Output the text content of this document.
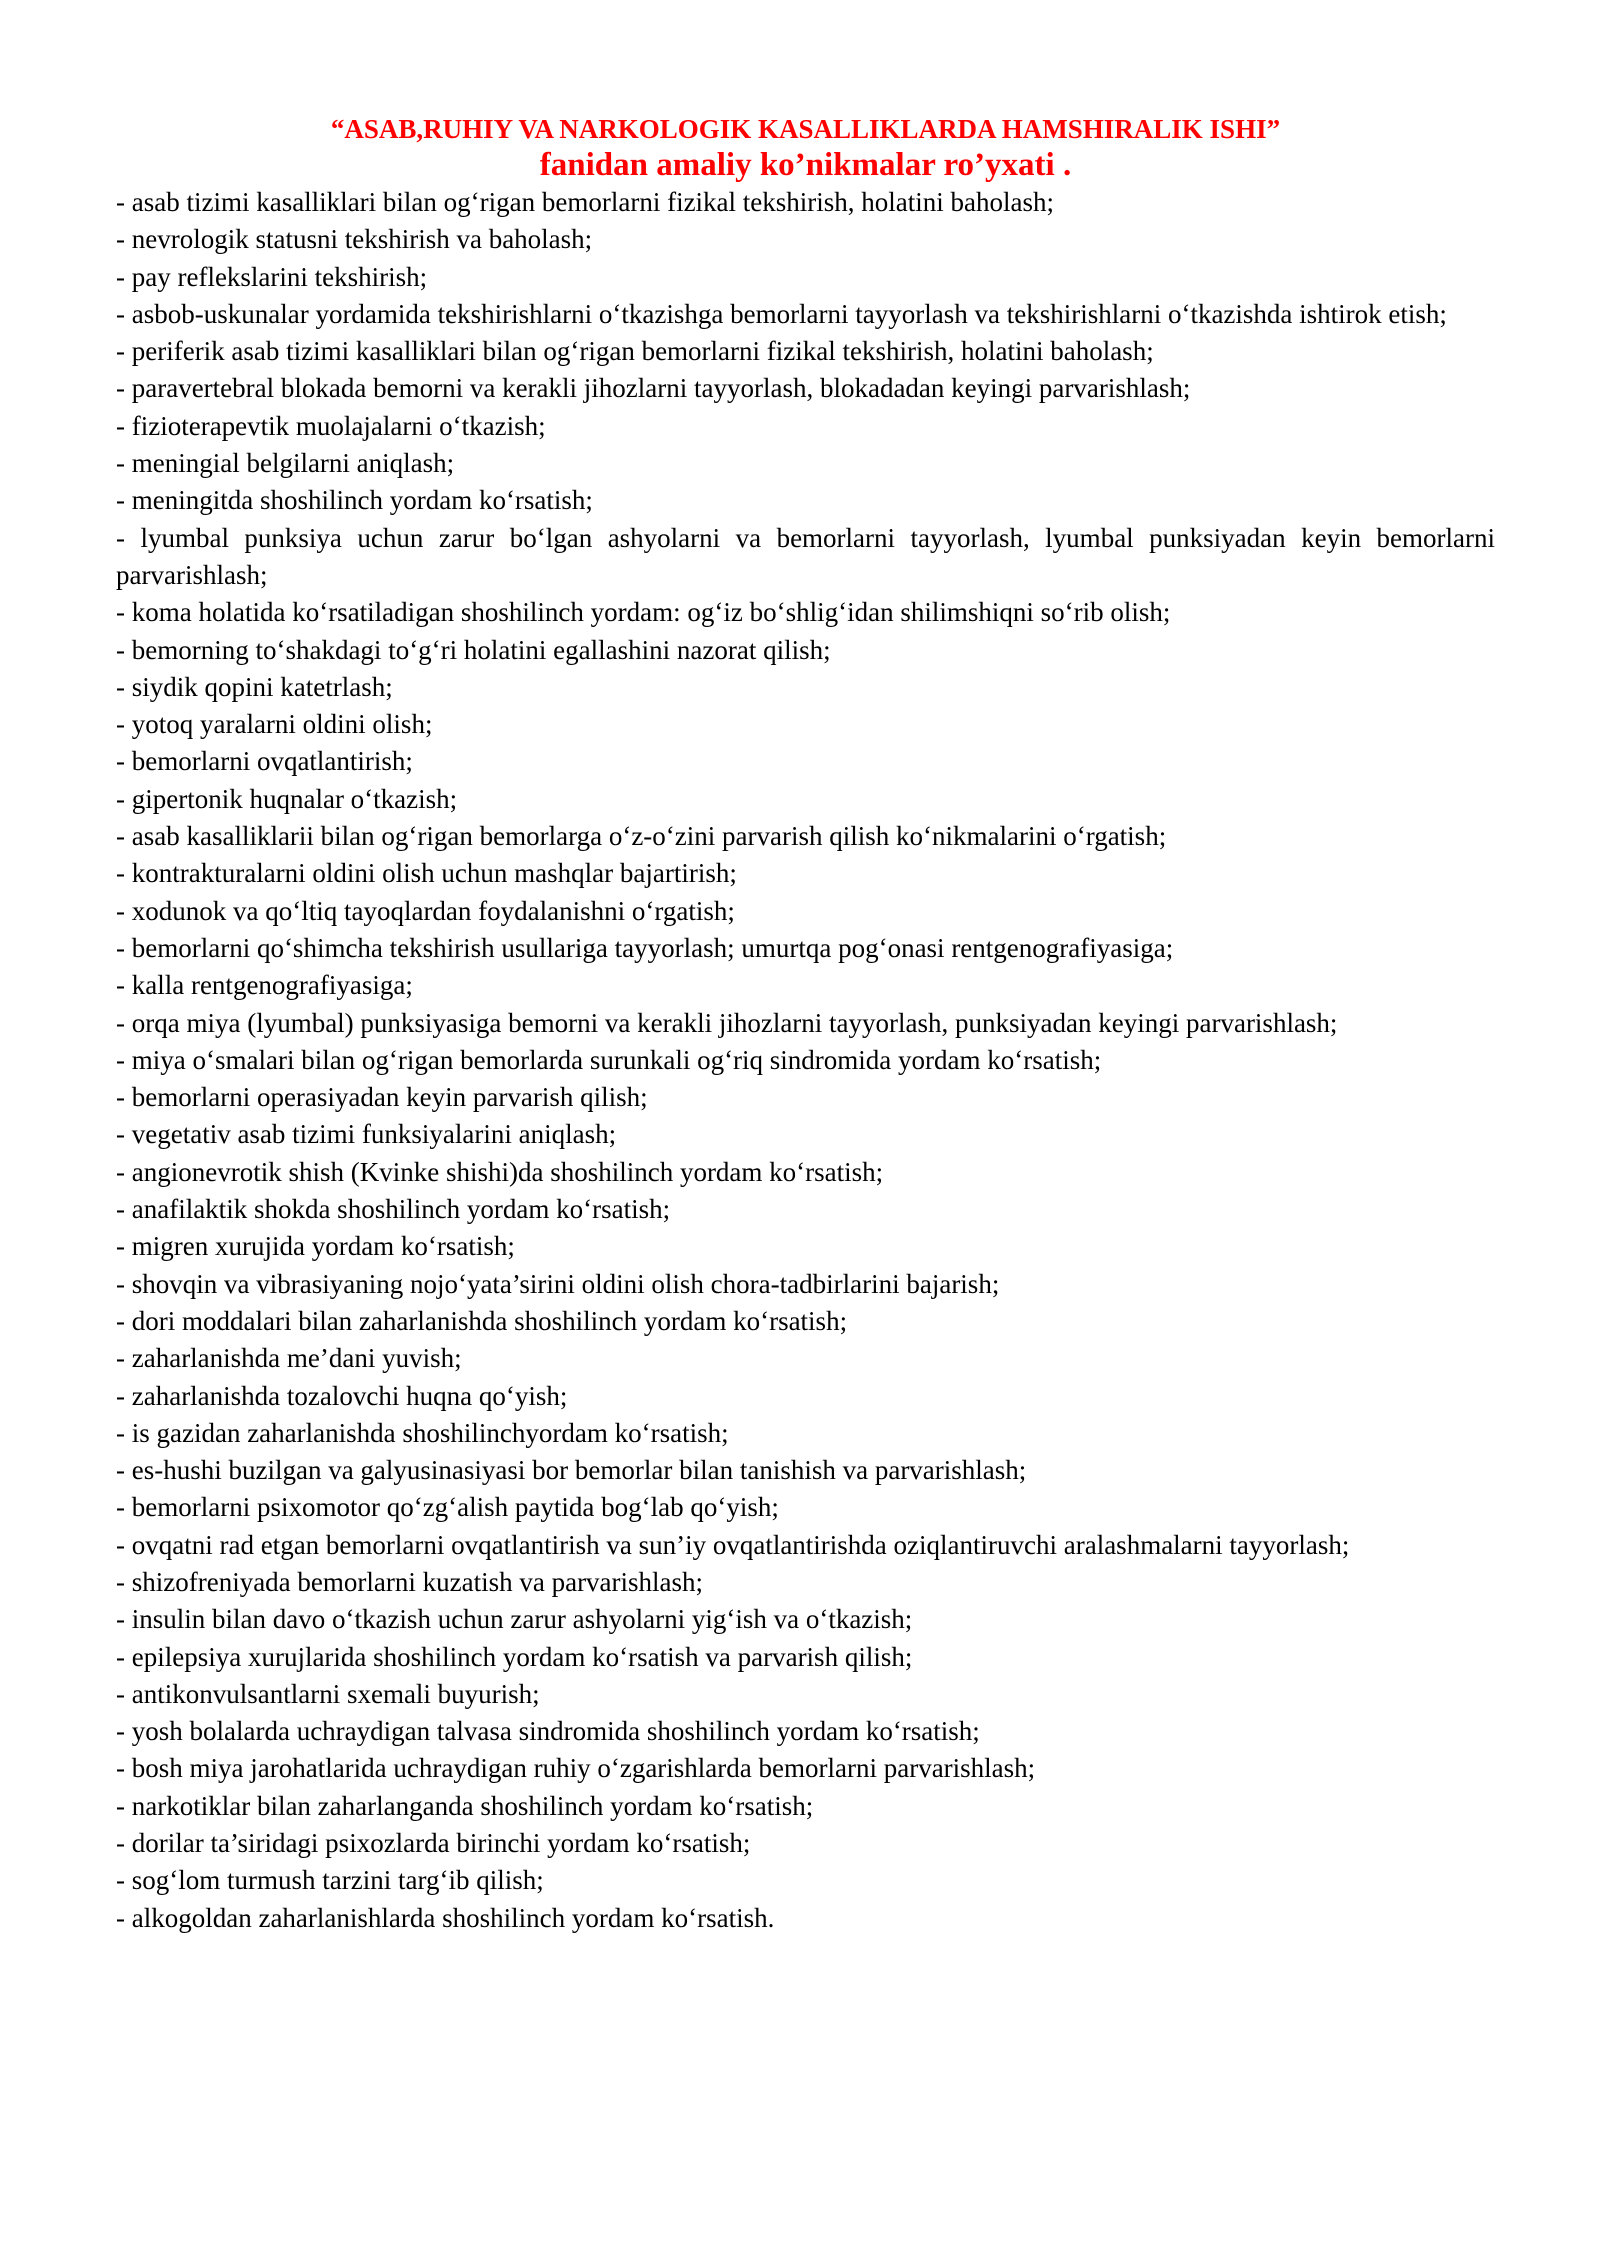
“ASAB,RUHIY VA NARKOLOGIK KASALLIKLARDA HAMSHIRALIK ISHI”
fanidan amaliy ko’nikmalar ro’yxati .
- asab tizimi kasalliklari bilan og‘rigan bemorlarni fizikal tekshirish, holatini baholash;
- nevrologik statusni tekshirish va baholash;
- pay reflekslarini tekshirish;
- asbob-uskunalar yordamida tekshirishlarni o‘tkazishga bemorlarni tayyorlash va tekshirishlarni o‘tkazishda ishtirok etish;
- periferik asab tizimi kasalliklari bilan og‘rigan bemorlarni fizikal tekshirish, holatini baholash;
- paravertebral blokada bemorni va kerakli jihozlarni tayyorlash, blokadadan keyingi parvarishlash;
- fizioterapevtik muolajalarni o‘tkazish;
- meningial belgilarni aniqlash;
- meningitda shoshilinch yordam ko‘rsatish;
- lyumbal punksiya uchun zarur bo‘lgan ashyolarni va bemorlarni tayyorlash, lyumbal punksiyadan keyin bemorlarni parvarishlash;
- koma holatida ko‘rsatiladigan shoshilinch yordam: og‘iz bo‘shlig‘idan shilimshiqni so‘rib olish;
- bemorning to‘shakdagi to‘g‘ri holatini egallashini nazorat qilish;
- siydik qopini katetrlash;
- yotoq yaralarni oldini olish;
- bemorlarni ovqatlantirish;
- gipertonik huqnalar o‘tkazish;
- asab kasalliklarii bilan og‘rigan bemorlarga o‘z-o‘zini parvarish qilish ko‘nikmalarini o‘rgatish;
- kontrakturalarni oldini olish uchun mashqlar bajartirish;
- xodunok va qo‘ltiq tayoqlardan foydalanishni o‘rgatish;
- bemorlarni qo‘shimcha tekshirish usullariga tayyorlash; umurtqa pog‘onasi rentgenografiyasiga;
- kalla rentgenografiyasiga;
- orqa miya (lyumbal) punksiyasiga bemorni va kerakli jihozlarni tayyorlash, punksiyadan keyingi parvarishlash;
- miya o‘smalari bilan og‘rigan bemorlarda surunkali og‘riq sindromida yordam ko‘rsatish;
- bemorlarni operasiyadan keyin parvarish qilish;
- vegetativ asab tizimi funksiyalarini aniqlash;
- angionevrotik shish (Kvinke shishi)da shoshilinch yordam ko‘rsatish;
- anafilaktik shokda shoshilinch yordam ko‘rsatish;
- migren xurujida yordam ko‘rsatish;
- shovqin va vibrasiyaning nojo‘yata’sirini oldini olish chora-tadbirlarini bajarish;
- dori moddalari bilan zaharlanishda shoshilinch yordam ko‘rsatish;
- zaharlanishda me’dani yuvish;
- zaharlanishda tozalovchi huqna qo‘yish;
- is gazidan zaharlanishda shoshilinchyordam ko‘rsatish;
- es-hushi buzilgan va galyusinasiyasi bor bemorlar bilan tanishish va parvarishlash;
- bemorlarni psixomotor qo‘zg‘alish paytida bog‘lab qo‘yish;
- ovqatni rad etgan bemorlarni ovqatlantirish va sun’iy ovqatlantirishda oziqlantiruvchi aralashmalarni tayyorlash;
- shizofreniyada bemorlarni kuzatish va parvarishlash;
- insulin bilan davo o‘tkazish uchun zarur ashyolarni yig‘ish va o‘tkazish;
- epilepsiya xurujlarida shoshilinch yordam ko‘rsatish va parvarish qilish;
- antikonvulsantlarni sxemali buyurish;
- yosh bolalarda uchraydigan talvasa sindromida shoshilinch yordam ko‘rsatish;
- bosh miya jarohatlarida uchraydigan ruhiy o‘zgarishlarda bemorlarni parvarishlash;
- narkotiklar bilan zaharlanganda shoshilinch yordam ko‘rsatish;
- dorilar ta’siridagi psixozlarda birinchi yordam ko‘rsatish;
- sog‘lom turmush tarzini targ‘ib qilish;
- alkogoldan zaharlanishlarda shoshilinch yordam ko‘rsatish.
